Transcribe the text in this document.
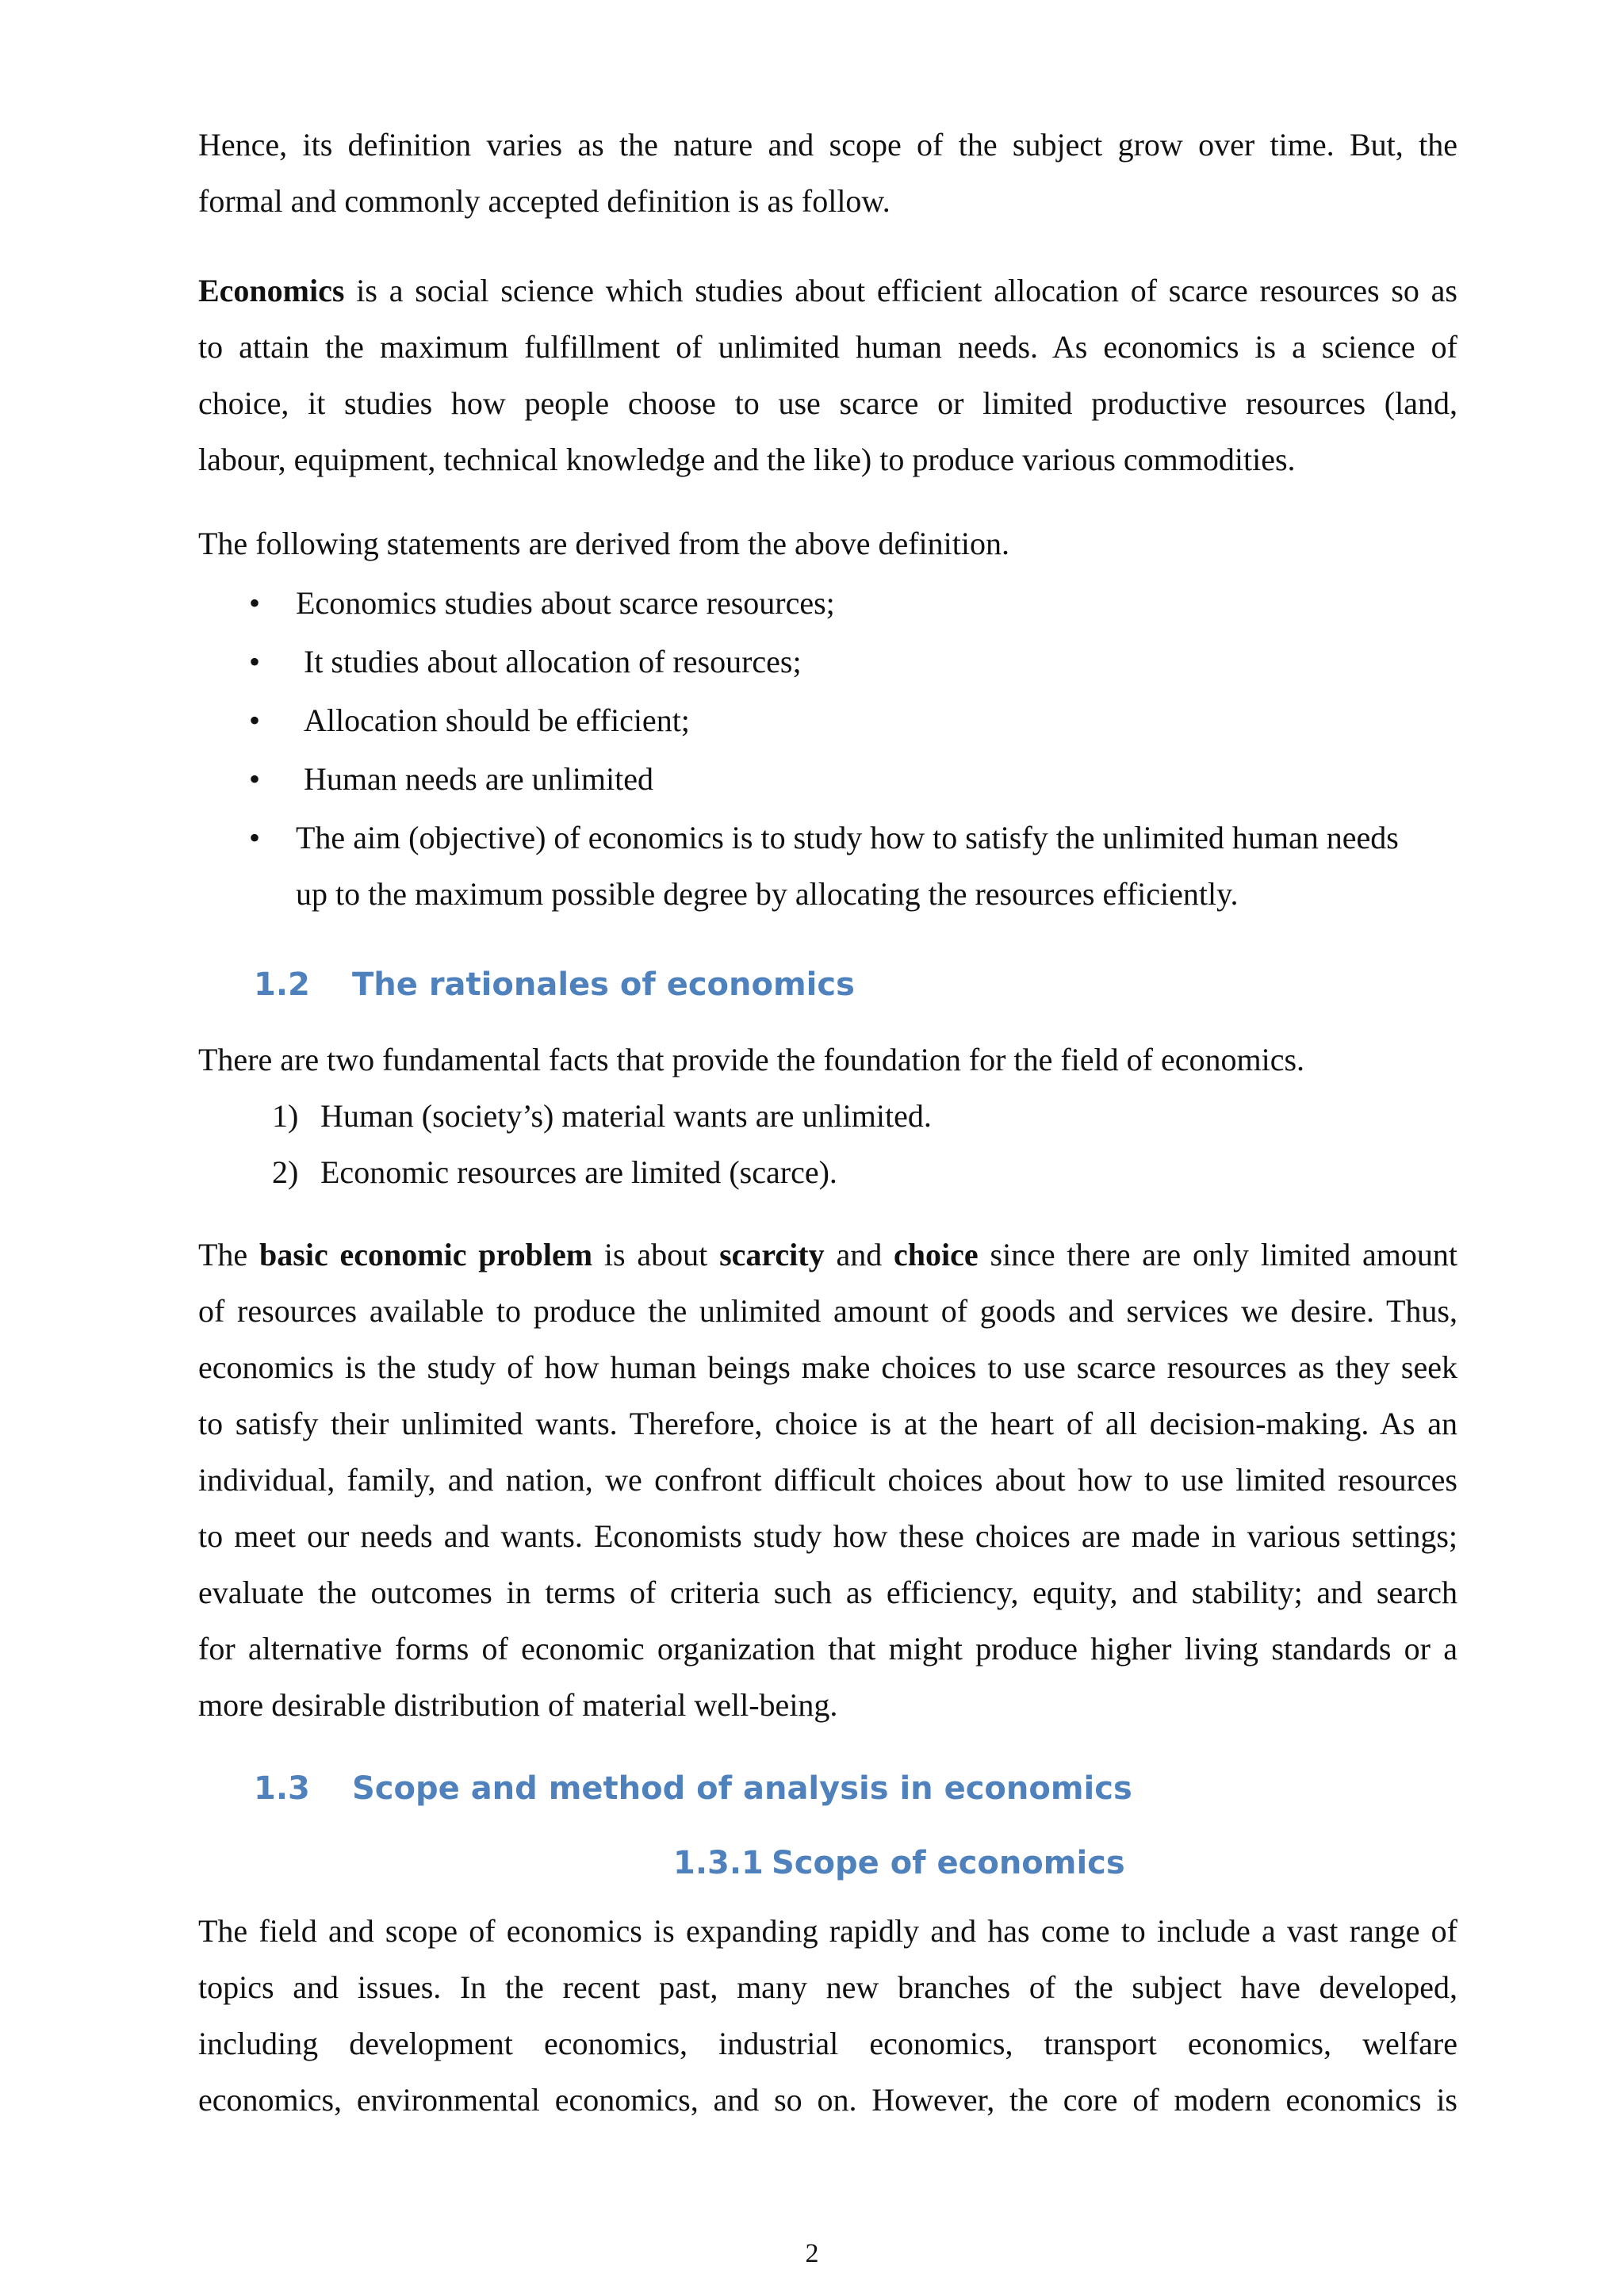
Hence, its definition varies as the nature and scope of the subject grow over time. But, the
formal and commonly accepted definition is as follow.
Economics is a social science which studies about efficient allocation of scarce resources so as
to attain the maximum fulfillment of unlimited human needs. As economics is a science of
choice, it studies how people choose to use scarce or limited productive resources (land,
labour, equipment, technical knowledge and the like) to produce various commodities.
The following statements are derived from the above definition.
• Economics studies about scarce resources;
• It studies about allocation of resources;
• Allocation should be efficient;
• Human needs are unlimited
• The aim (objective) of economics is to study how to satisfy the unlimited human needs
up to the maximum possible degree by allocating the resources efficiently.
1.2 The rationales of economics
There are two fundamental facts that provide the foundation for the field of economics.
1) Human (society’s) material wants are unlimited.
2) Economic resources are limited (scarce).
The basic economic problem is about scarcity and choice since there are only limited amount
of resources available to produce the unlimited amount of goods and services we desire. Thus,
economics is the study of how human beings make choices to use scarce resources as they seek
to satisfy their unlimited wants. Therefore, choice is at the heart of all decision-making. As an
individual, family, and nation, we confront difficult choices about how to use limited resources
to meet our needs and wants. Economists study how these choices are made in various settings;
evaluate the outcomes in terms of criteria such as efficiency, equity, and stability; and search
for alternative forms of economic organization that might produce higher living standards or a
more desirable distribution of material well-being.
1.3 Scope and method of analysis in economics
1.3.1 Scope of economics
The field and scope of economics is expanding rapidly and has come to include a vast range of
topics and issues. In the recent past, many new branches of the subject have developed,
including development economics, industrial economics, transport economics, welfare
economics, environmental economics, and so on. However, the core of modern economics is
2
